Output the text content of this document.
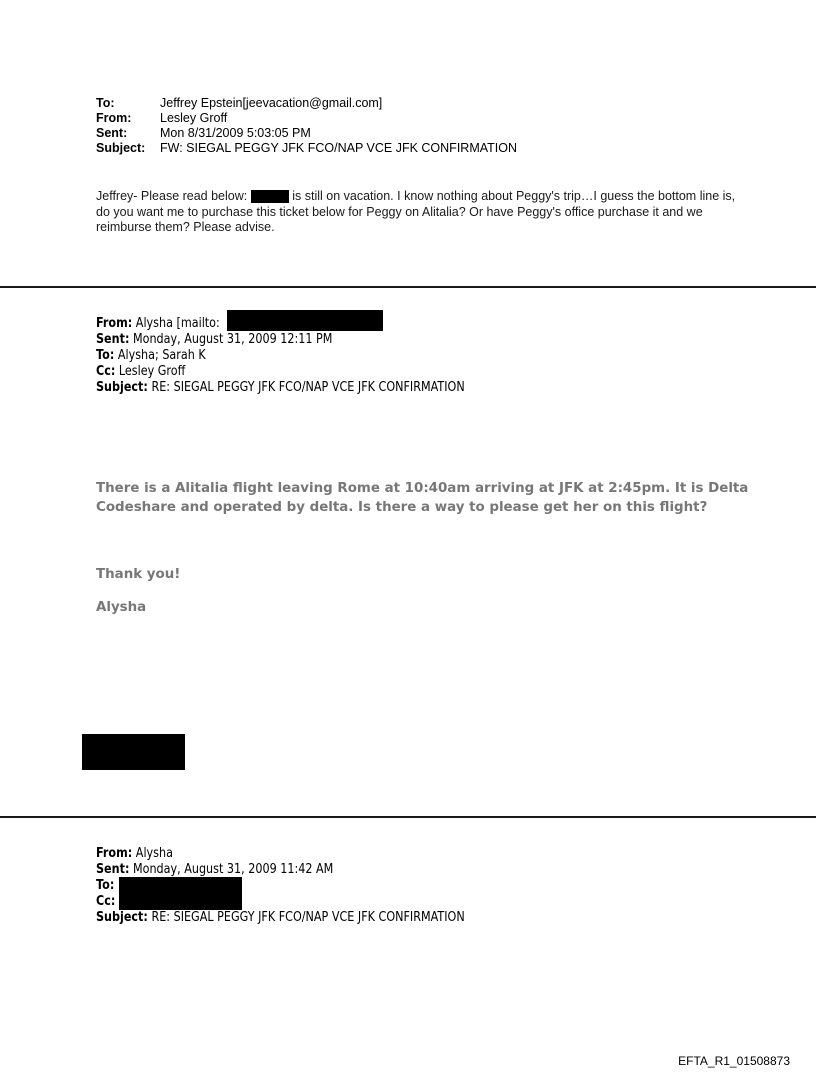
To:	Jeffrey Epstein[jeevacation@gmail.com]
From:	Lesley Groff
Sent:	Mon 8/31/2009 5:03:05 PM
Subject:	FW: SIEGAL PEGGY JFK FCO/NAP VCE JFK CONFIRMATION
Jeffrey- Please read below:	is still on vacation. I know nothing about Peggy's trip…I guess the bottom line is, do you want me to purchase this ticket below for Peggy on Alitalia? Or have Peggy's office purchase it and we reimburse them? Please advise.
From: Alysha [mailto:
Sent: Monday, August 31, 2009 12:11 PM
To: Alysha; Sarah K
Cc: Lesley Groff
Subject: RE: SIEGAL PEGGY JFK FCO/NAP VCE JFK CONFIRMATION
There is a Alitalia flight leaving Rome at 10:40am arriving at JFK at 2:45pm. It is Delta
Codeshare and operated by delta. Is there a way to please get her on this flight?
Thank you!
Alysha
From: Alysha
Sent: Monday, August 31, 2009 11:42 AM
To:
Cc:
Subject: RE: SIEGAL PEGGY JFK FCO/NAP VCE JFK CONFIRMATION
EFTA_R1_01508873
